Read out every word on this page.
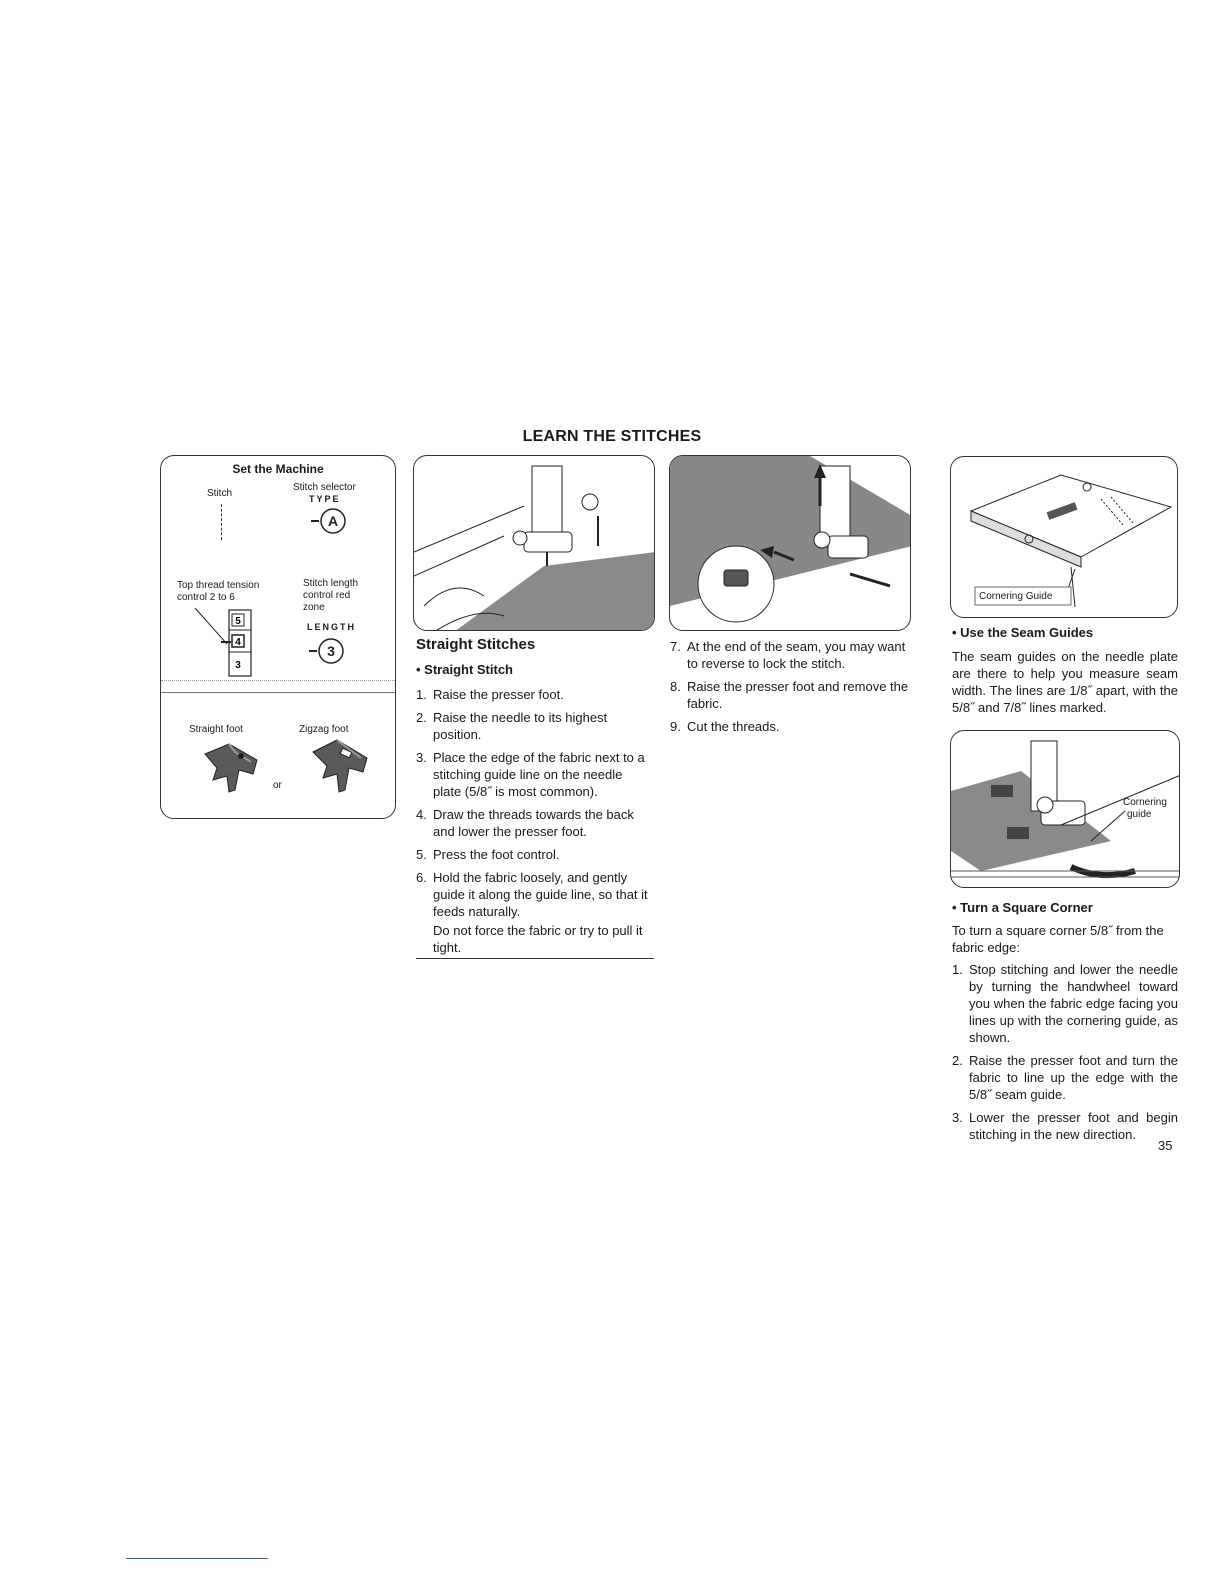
LEARN THE STITCHES
Set the Machine
Stitch
Stitch selector
TYPE
A
Top thread tension
control 2 to 6
5
4
3
Stitch length
control red
zone
LENGTH
3
Straight foot	Zigzag foot
or
Straight Stitches
• Straight Stitch
1. Raise the presser foot.
2. Raise the needle to its highest position.
3. Place the edge of the fabric next to a stitching guide line on the needle plate (5/8˝ is most common).
4. Draw the threads towards the back and lower the presser foot.
5. Press the foot control.
6. Hold the fabric loosely, and gently guide it along the guide line, so that it feeds naturally.
Do not force the fabric or try to pull it tight.
7. At the end of the seam, you may want to reverse to lock the stitch.
8. Raise the presser foot and remove the fabric.
9. Cut the threads.
Cornering Guide
• Use the Seam Guides
The seam guides on the needle plate are there to help you measure seam width. The lines are 1/8˝ apart, with the 5/8˝ and 7/8˝ lines marked.
Cornering
guide
• Turn a Square Corner
To turn a square corner 5/8˝ from the fabric edge:
1. Stop stitching and lower the needle by turning the handwheel toward you when the fabric edge facing you lines up with the cornering guide, as shown.
2. Raise the presser foot and turn the fabric to line up the edge with the 5/8˝ seam guide.
3. Lower the presser foot and begin stitching in the new direction.
35
